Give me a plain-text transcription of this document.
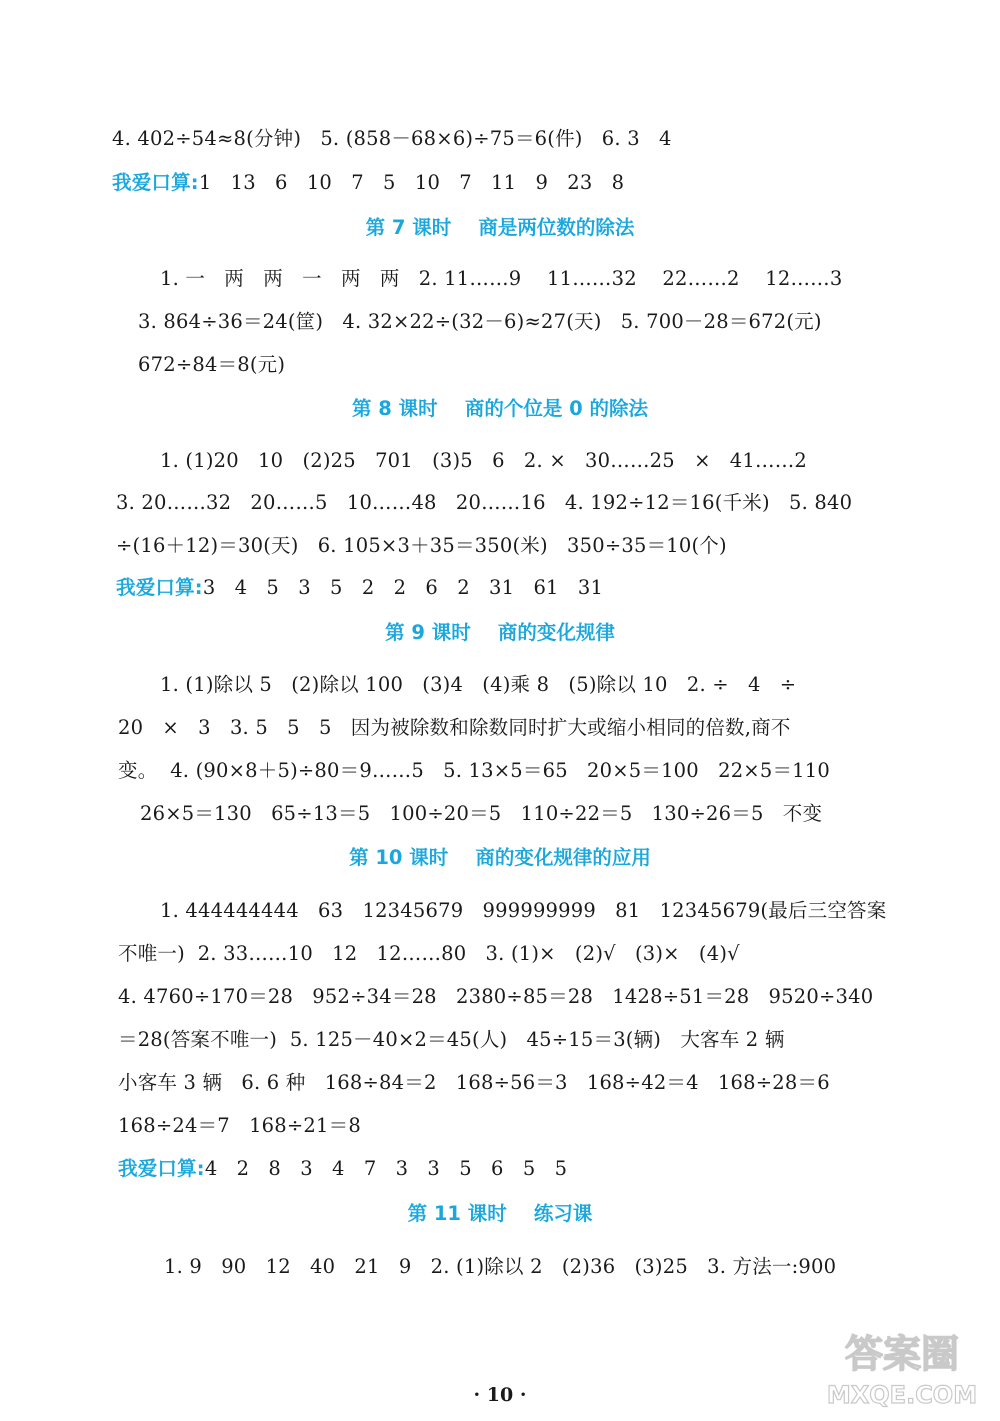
4. 402÷54≈8(分钟)   5. (858－68×6)÷75＝6(件)   6. 3   4
我爱口算:1   13   6   10   7   5   10   7   11   9   23   8
第 7 课时    商是两位数的除法
1. 一   两   两   一   两   两   2. 11……9    11……32    22……2    12……3
3. 864÷36＝24(筐)   4. 32×22÷(32－6)≈27(天)   5. 700－28＝672(元)
672÷84＝8(元)
第 8 课时    商的个位是 0 的除法
1. (1)20   10   (2)25   701   (3)5   6   2. ×   30……25   ×   41……2
3. 20……32   20……5   10……48   20……16   4. 192÷12＝16(千米)   5. 840
÷(16＋12)＝30(天)   6. 105×3＋35＝350(米)   350÷35＝10(个)
我爱口算:3   4   5   3   5   2   2   6   2   31   61   31
第 9 课时    商的变化规律
1. (1)除以 5   (2)除以 100   (3)4   (4)乘 8   (5)除以 10   2. ÷   4   ÷
20   ×   3   3. 5   5   5   因为被除数和除数同时扩大或缩小相同的倍数,商不
变。  4. (90×8＋5)÷80＝9……5   5. 13×5＝65   20×5＝100   22×5＝110
26×5＝130   65÷13＝5   100÷20＝5   110÷22＝5   130÷26＝5   不变
第 10 课时    商的变化规律的应用
1. 444444444   63   12345679   999999999   81   12345679(最后三空答案
不唯一)  2. 33……10   12   12……80   3. (1)×   (2)√   (3)×   (4)√
4. 4760÷170＝28   952÷34＝28   2380÷85＝28   1428÷51＝28   9520÷340
＝28(答案不唯一)  5. 125－40×2＝45(人)   45÷15＝3(辆)   大客车 2 辆
小客车 3 辆   6. 6 种   168÷84＝2   168÷56＝3   168÷42＝4   168÷28＝6
168÷24＝7   168÷21＝8
我爱口算:4   2   8   3   4   7   3   3   5   6   5   5
第 11 课时    练习课
1. 9   90   12   40   21   9   2. (1)除以 2   (2)36   (3)25   3. 方法一:900
· 10 ·
答案圈
MXQE.COM
